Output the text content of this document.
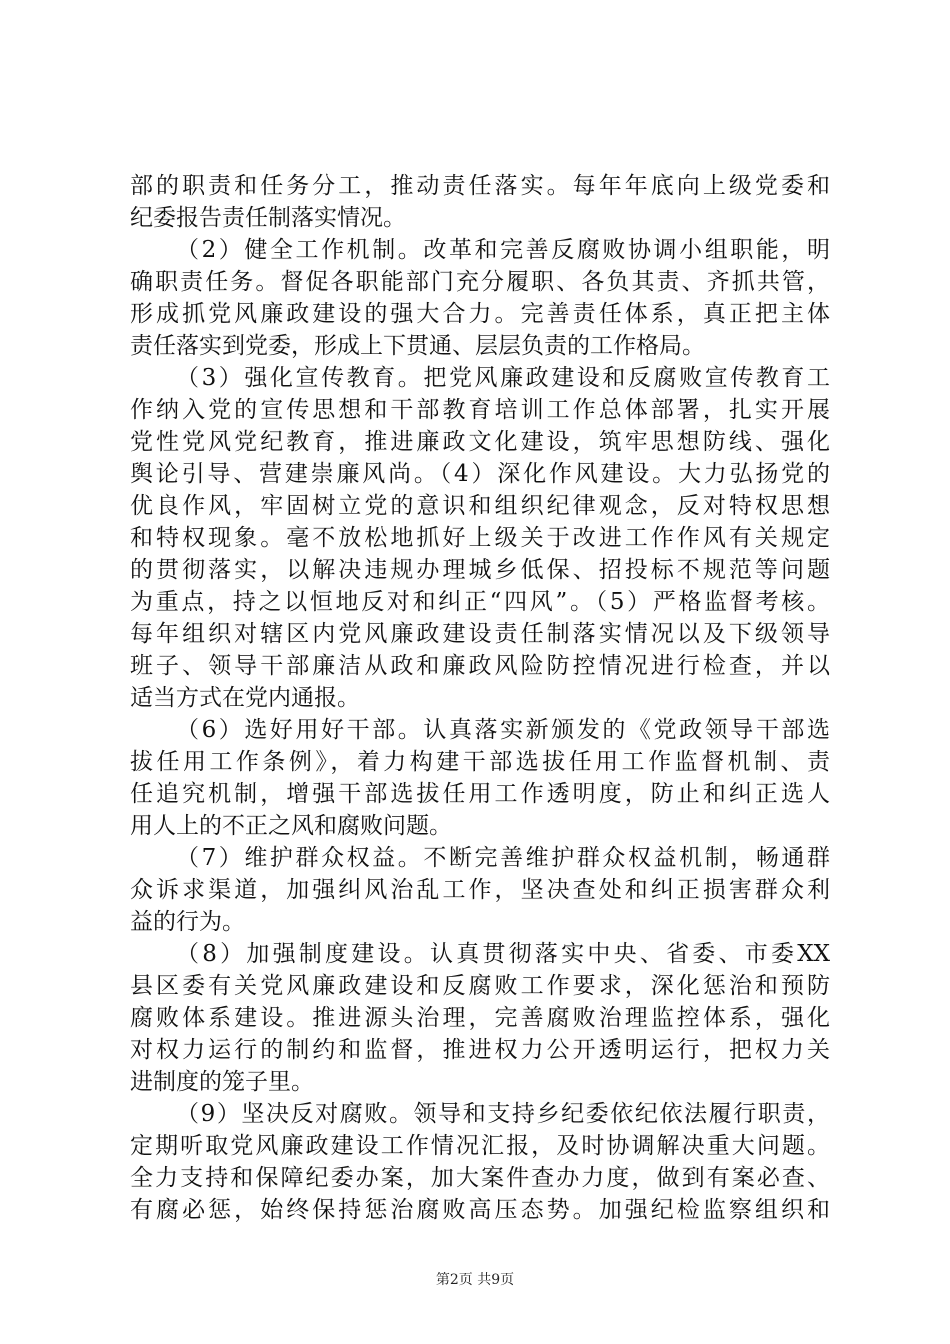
部的职责和任务分工，推动责任落实。每年年底向上级党委和
纪委报告责任制落实情况。
（2）健全工作机制。改革和完善反腐败协调小组职能，明
确职责任务。督促各职能部门充分履职、各负其责、齐抓共管，
形成抓党风廉政建设的强大合力。完善责任体系，真正把主体
责任落实到党委，形成上下贯通、层层负责的工作格局。
（3）强化宣传教育。把党风廉政建设和反腐败宣传教育工
作纳入党的宣传思想和干部教育培训工作总体部署，扎实开展
党性党风党纪教育，推进廉政文化建设，筑牢思想防线、强化
舆论引导、营建崇廉风尚。（4）深化作风建设。大力弘扬党的
优良作风，牢固树立党的意识和组织纪律观念，反对特权思想
和特权现象。毫不放松地抓好上级关于改进工作作风有关规定
的贯彻落实，以解决违规办理城乡低保、招投标不规范等问题
为重点，持之以恒地反对和纠正“四风”。（5）严格监督考核。
每年组织对辖区内党风廉政建设责任制落实情况以及下级领导
班子、领导干部廉洁从政和廉政风险防控情况进行检查，并以
适当方式在党内通报。
（6）选好用好干部。认真落实新颁发的《党政领导干部选
拔任用工作条例》，着力构建干部选拔任用工作监督机制、责
任追究机制，增强干部选拔任用工作透明度，防止和纠正选人
用人上的不正之风和腐败问题。
（7）维护群众权益。不断完善维护群众权益机制，畅通群
众诉求渠道，加强纠风治乱工作，坚决查处和纠正损害群众利
益的行为。
（8）加强制度建设。认真贯彻落实中央、省委、市委XX
县区委有关党风廉政建设和反腐败工作要求，深化惩治和预防
腐败体系建设。推进源头治理，完善腐败治理监控体系，强化
对权力运行的制约和监督，推进权力公开透明运行，把权力关
进制度的笼子里。
（9）坚决反对腐败。领导和支持乡纪委依纪依法履行职责，
定期听取党风廉政建设工作情况汇报，及时协调解决重大问题。
全力支持和保障纪委办案，加大案件查办力度，做到有案必查、
有腐必惩，始终保持惩治腐败高压态势。加强纪检监察组织和
第2页 共9页
